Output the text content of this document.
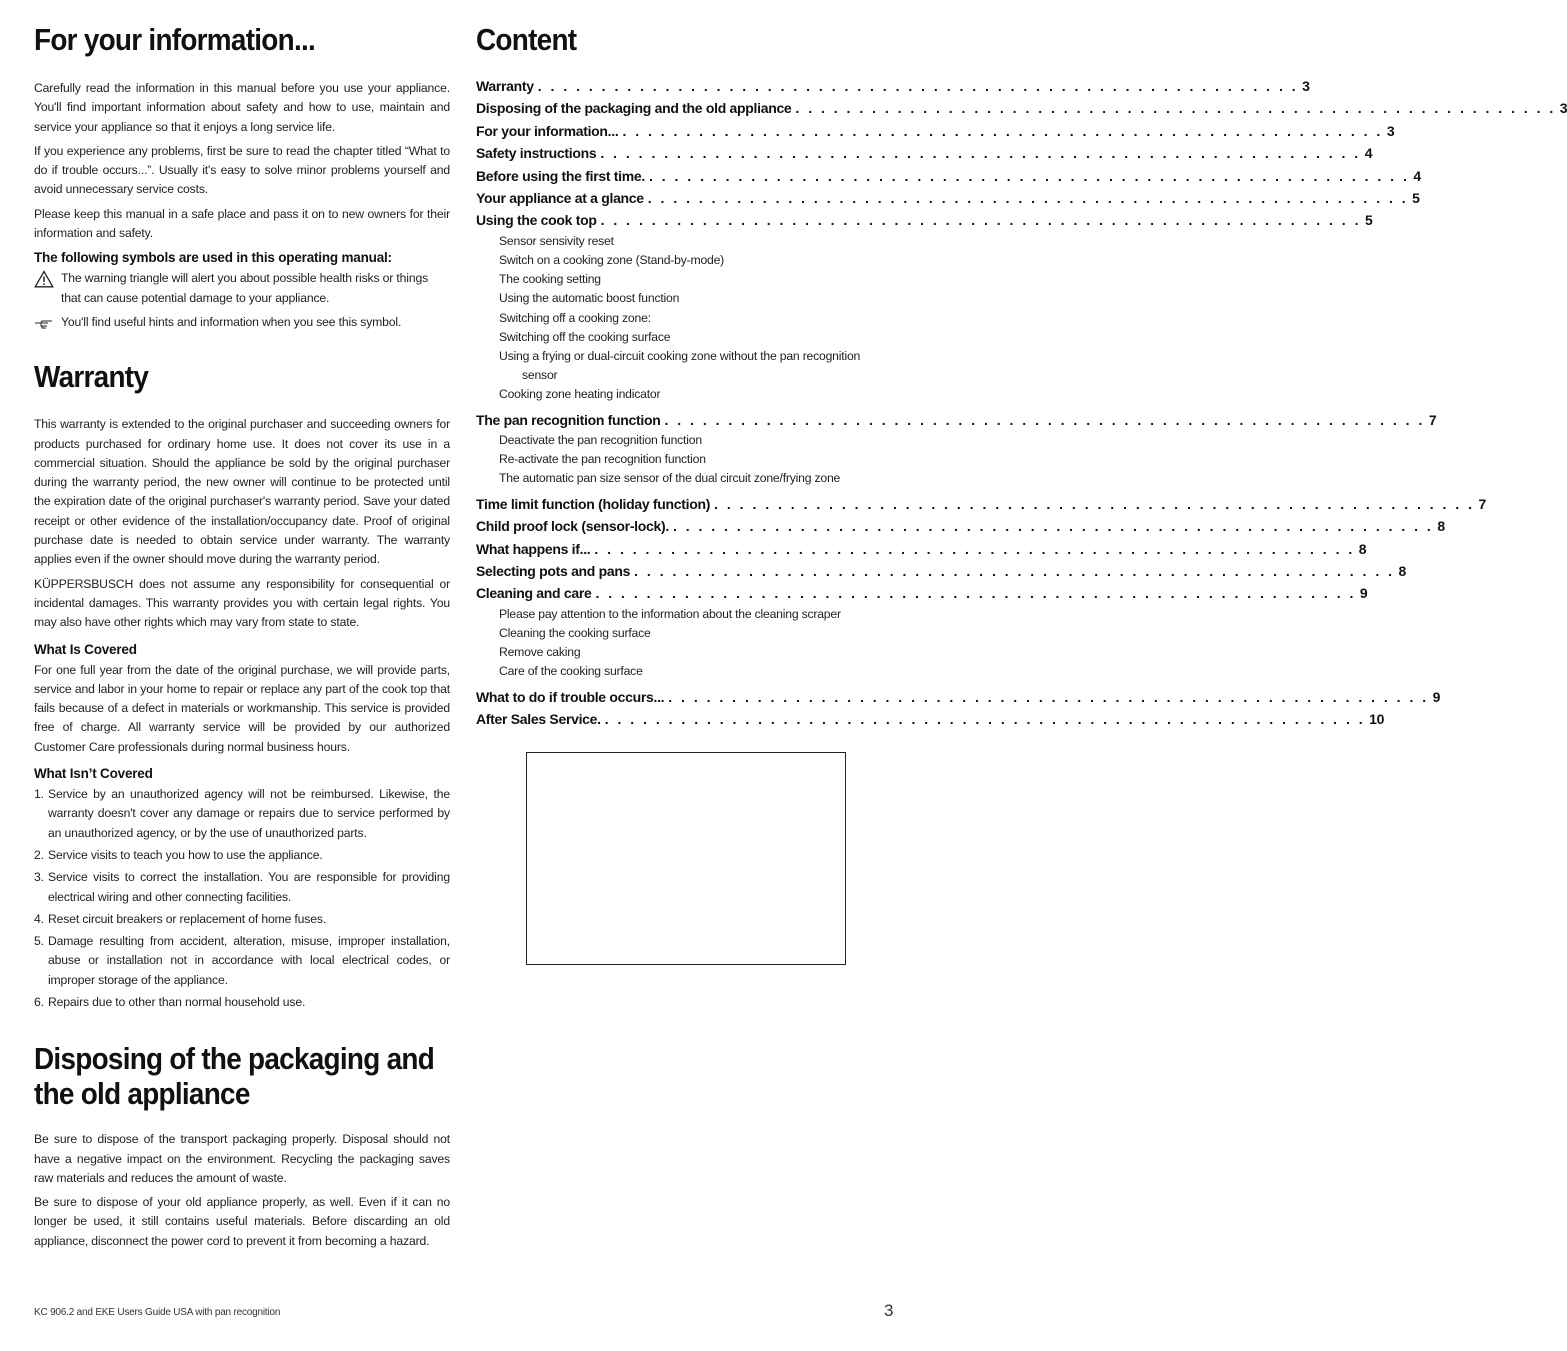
For your information...

Carefully read the information in this manual before you use your appliance. You'll find important information about safety and how to use, maintain and service your appliance so that it enjoys a long service life.

If you experience any problems, first be sure to read the chapter titled “What to do if trouble occurs...”. Usually it's easy to solve minor problems yourself and avoid unnecessary service costs.

Please keep this manual in a safe place and pass it on to new owners for their information and safety.

The following symbols are used in this operating manual:
The warning triangle will alert you about possible health risks or things that can cause potential damage to your appliance.
You'll find useful hints and information when you see this symbol.
Warranty

This warranty is extended to the original purchaser and succeeding owners for products purchased for ordinary home use. It does not cover its use in a commercial situation. Should the appliance be sold by the original purchaser during the warranty period, the new owner will continue to be protected until the expiration date of the original purchaser's warranty period. Save your dated receipt or other evidence of the installation/occupancy date. Proof of original purchase date is needed to obtain service under warranty. The warranty applies even if the owner should move during the warranty period.

KÜPPERSBUSCH does not assume any responsibility for consequential or incidental damages. This warranty provides you with certain legal rights. You may also have other rights which may vary from state to state.

What Is Covered

For one full year from the date of the original purchase, we will provide parts, service and labor in your home to repair or replace any part of the cook top that fails because of a defect in materials or workmanship. This service is provided free of charge. All warranty service will be provided by our authorized Customer Care professionals during normal business hours.

What Isn’t Covered
1. Service by an unauthorized agency will not be reimbursed. Likewise, the warranty doesn't cover any damage or repairs due to service performed by an unauthorized agency, or by the use of unauthorized parts.
2. Service visits to teach you how to use the appliance.
3. Service visits to correct the installation. You are responsible for providing electrical wiring and other connecting facilities.
4. Reset circuit breakers or replacement of home fuses.
5. Damage resulting from accident, alteration, misuse, improper installation, abuse or installation not in accordance with local electrical codes, or improper storage of the appliance.
6. Repairs due to other than normal household use.
Disposing of the packaging and the old appliance

Be sure to dispose of the transport packaging properly. Disposal should not have a negative impact on the environment. Recycling the packaging saves raw materials and reduces the amount of waste.

Be sure to dispose of your old appliance properly, as well. Even if it can no longer be used, it still contains useful materials. Before discarding an old appliance, disconnect the power cord to prevent it from becoming a hazard.

Content
Warranty . . . . . . . . . . . . . . . . . . . . . . . . . . . . . . . . . . . . . . . . . . . . . . . . . . . . . . . . . . . . 3
Disposing of the packaging and the old appliance . . . . . . . . . . . . . . . . . . . . . . . . . . . . . . . . . . . . . . . . . . . . . . . . . . . . . . . . . . . . 3
For your information... . . . . . . . . . . . . . . . . . . . . . . . . . . . . . . . . . . . . . . . . . . . . . . . . . . . . . . . . . . . . 3
Safety instructions . . . . . . . . . . . . . . . . . . . . . . . . . . . . . . . . . . . . . . . . . . . . . . . . . . . . . . . . . . . . 4
Before using the first time. . . . . . . . . . . . . . . . . . . . . . . . . . . . . . . . . . . . . . . . . . . . . . . . . . . . . . . . . . . . . 4
Your appliance at a glance . . . . . . . . . . . . . . . . . . . . . . . . . . . . . . . . . . . . . . . . . . . . . . . . . . . . . . . . . . . . 5
Using the cook top . . . . . . . . . . . . . . . . . . . . . . . . . . . . . . . . . . . . . . . . . . . . . . . . . . . . . . . . . . . . 5
Sensor sensivity reset
Switch on a cooking zone (Stand-by-mode)
The cooking setting
Using the automatic boost function
Switching off a cooking zone:
Switching off the cooking surface
Using a frying or dual-circuit cooking zone without the pan recognition
sensor
Cooking zone heating indicator
The pan recognition function . . . . . . . . . . . . . . . . . . . . . . . . . . . . . . . . . . . . . . . . . . . . . . . . . . . . . . . . . . . . 7
Deactivate the pan recognition function
Re-activate the pan recognition function
The automatic pan size sensor of the dual circuit zone/frying zone
Time limit function (holiday function) . . . . . . . . . . . . . . . . . . . . . . . . . . . . . . . . . . . . . . . . . . . . . . . . . . . . . . . . . . . . 7
Child proof lock (sensor-lock). . . . . . . . . . . . . . . . . . . . . . . . . . . . . . . . . . . . . . . . . . . . . . . . . . . . . . . . . . . . . 8
What happens if... . . . . . . . . . . . . . . . . . . . . . . . . . . . . . . . . . . . . . . . . . . . . . . . . . . . . . . . . . . . . 8
Selecting pots and pans . . . . . . . . . . . . . . . . . . . . . . . . . . . . . . . . . . . . . . . . . . . . . . . . . . . . . . . . . . . . 8
Cleaning and care . . . . . . . . . . . . . . . . . . . . . . . . . . . . . . . . . . . . . . . . . . . . . . . . . . . . . . . . . . . . 9
Please pay attention to the information about the cleaning scraper
Cleaning the cooking surface
Remove caking
Care of the cooking surface
What to do if trouble occurs... . . . . . . . . . . . . . . . . . . . . . . . . . . . . . . . . . . . . . . . . . . . . . . . . . . . . . . . . . . . . 9
After Sales Service. . . . . . . . . . . . . . . . . . . . . . . . . . . . . . . . . . . . . . . . . . . . . . . . . . . . . . . . . . . . . 10
KC 906.2 and EKE Users Guide USA with pan recognition	3
